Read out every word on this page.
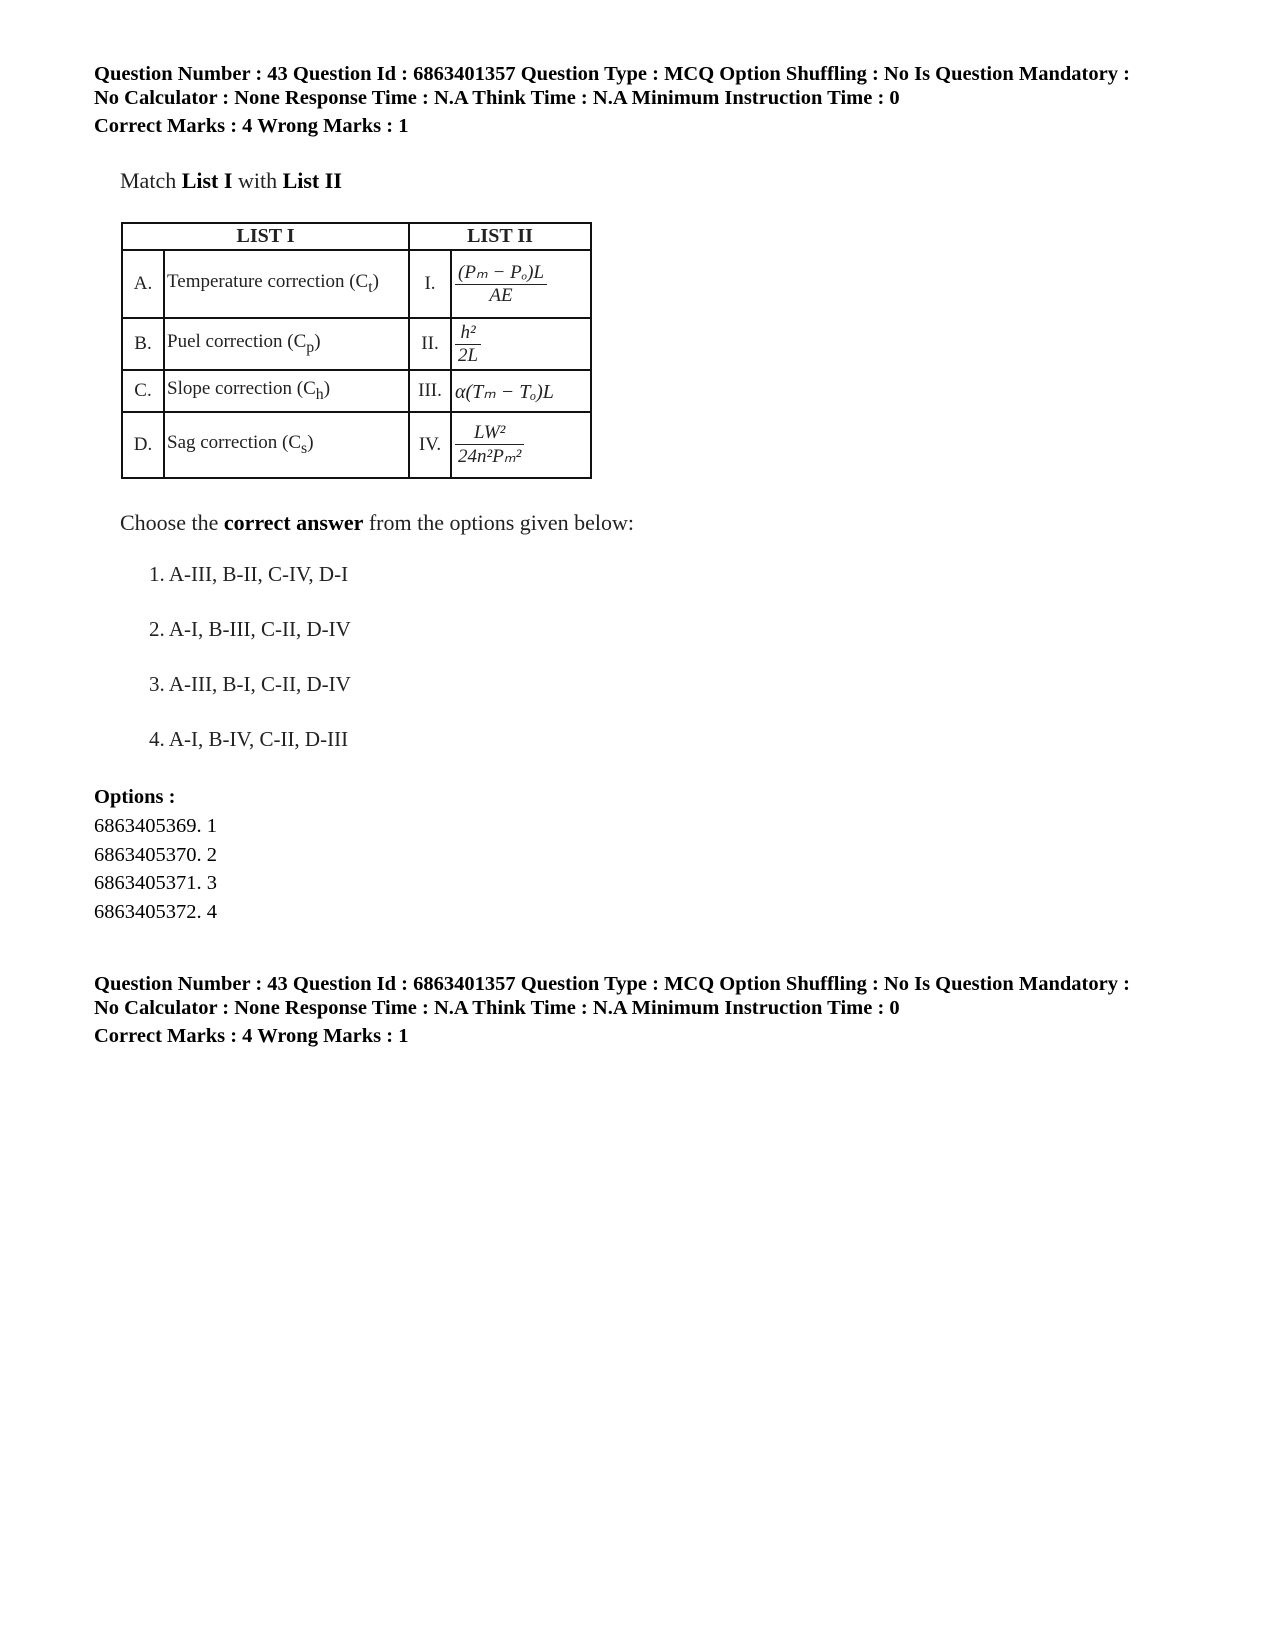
Question Number : 43 Question Id : 6863401357 Question Type : MCQ Option Shuffling : No Is Question Mandatory :
No Calculator : None Response Time : N.A Think Time : N.A Minimum Instruction Time : 0
Correct Marks : 4 Wrong Marks : 1
Match List I with List II
LIST I		LIST II	
A.	Temperature correction $(C_t)$	I.	$\frac{\text{(Pₘ − Pₒ)L}}{AE}$

B.	Puel correction $(C_p)$	II.	$\frac{\text{h²}}{2L}$

C.	Slope correction $(C_h)$	III.	α(Tₘ − Tₒ)L
D.	Sag correction $(C_s)$	IV.	$\frac{\text{LW²}}{\text{24n²Pₘ²}}$
Choose the correct answer from the options given below:
1. A-III, B-II, C-IV, D-I
2. A-I, B-III, C-II, D-IV
3. A-III, B-I, C-II, D-IV
4. A-I, B-IV, C-II, D-III
Options :
6863405369. 1
6863405370. 2
6863405371. 3
6863405372. 4
Question Number : 43 Question Id : 6863401357 Question Type : MCQ Option Shuffling : No Is Question Mandatory :
No Calculator : None Response Time : N.A Think Time : N.A Minimum Instruction Time : 0
Correct Marks : 4 Wrong Marks : 1
